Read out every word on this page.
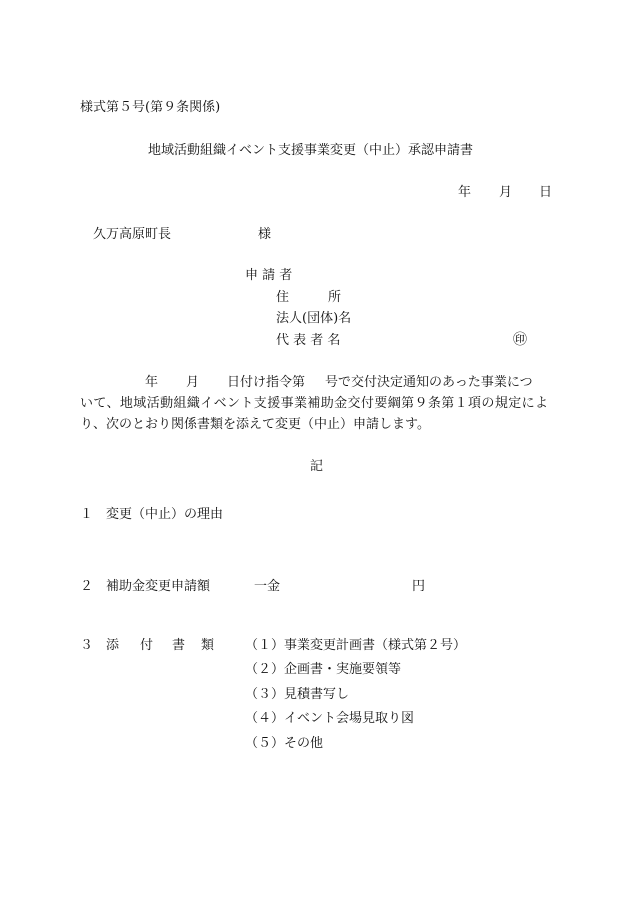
様式第５号(第９条関係)
地域活動組織イベント支援事業変更（中止）承認申請書
年 月 日
久万高原町長	様
申 請 者
住　　　所
法人(団体)名
代 表 者 名	㊞
年 月 日付け指令第 号で交付決定通知のあった事業につ
いて、地域活動組織イベント支援事業補助金交付要綱第９条第１項の規定によ
り、次のとおり関係書類を添えて変更（中止）申請します。
記
１ 変更（中止）の理由
２ 補助金変更申請額	一金	円
３ 添 付 書 類 （１）事業変更計画書（様式第２号）
（２）企画書・実施要領等
（３）見積書写し
（４）イベント会場見取り図
（５）その他
